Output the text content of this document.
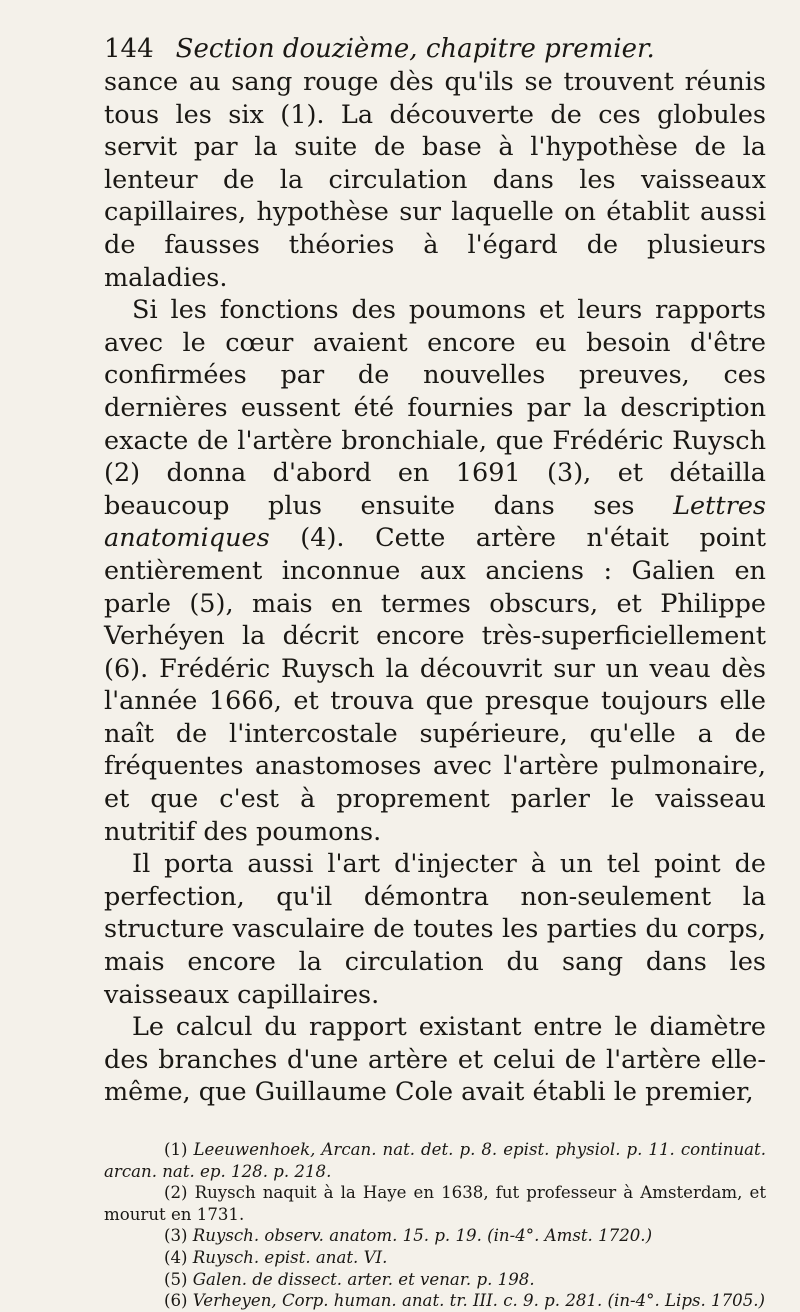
144 Section douzième, chapitre premier.

sance au sang rouge dès qu'ils se trouvent réunis tous les six (1). La découverte de ces globules servit par la suite de base à l'hypothèse de la lenteur de la circulation dans les vaisseaux capillaires, hypothèse sur laquelle on établit aussi de fausses théories à l'égard de plusieurs maladies.

Si les fonctions des poumons et leurs rapports avec le cœur avaient encore eu besoin d'être confirmées par de nouvelles preuves, ces dernières eussent été fournies par la description exacte de l'artère bronchiale, que Frédéric Ruysch (2) donna d'abord en 1691 (3), et détailla beaucoup plus ensuite dans ses Lettres anatomiques (4). Cette artère n'était point entièrement inconnue aux anciens : Galien en parle (5), mais en termes obscurs, et Philippe Verhéyen la décrit encore très-superficiellement (6). Frédéric Ruysch la découvrit sur un veau dès l'année 1666, et trouva que presque toujours elle naît de l'intercostale supérieure, qu'elle a de fréquentes anastomoses avec l'artère pulmonaire, et que c'est à proprement parler le vaisseau nutritif des poumons.

Il porta aussi l'art d'injecter à un tel point de perfection, qu'il démontra non-seulement la structure vasculaire de toutes les parties du corps, mais encore la circulation du sang dans les vaisseaux capillaires.

Le calcul du rapport existant entre le diamètre des branches d'une artère et celui de l'artère elle-même, que Guillaume Cole avait établi le premier,

(1) Leeuwenhoek, Arcan. nat. det. p. 8. epist. physiol. p. 11. continuat. arcan. nat. ep. 128. p. 218.

(2) Ruysch naquit à la Haye en 1638, fut professeur à Amsterdam, et mourut en 1731.

(3) Ruysch. observ. anatom. 15. p. 19. (in-4°. Amst. 1720.)

(4) Ruysch. epist. anat. VI.

(5) Galen. de dissect. arter. et venar. p. 198.

(6) Verheyen, Corp. human. anat. tr. III. c. 9. p. 281. (in-4°. Lips. 1705.)
